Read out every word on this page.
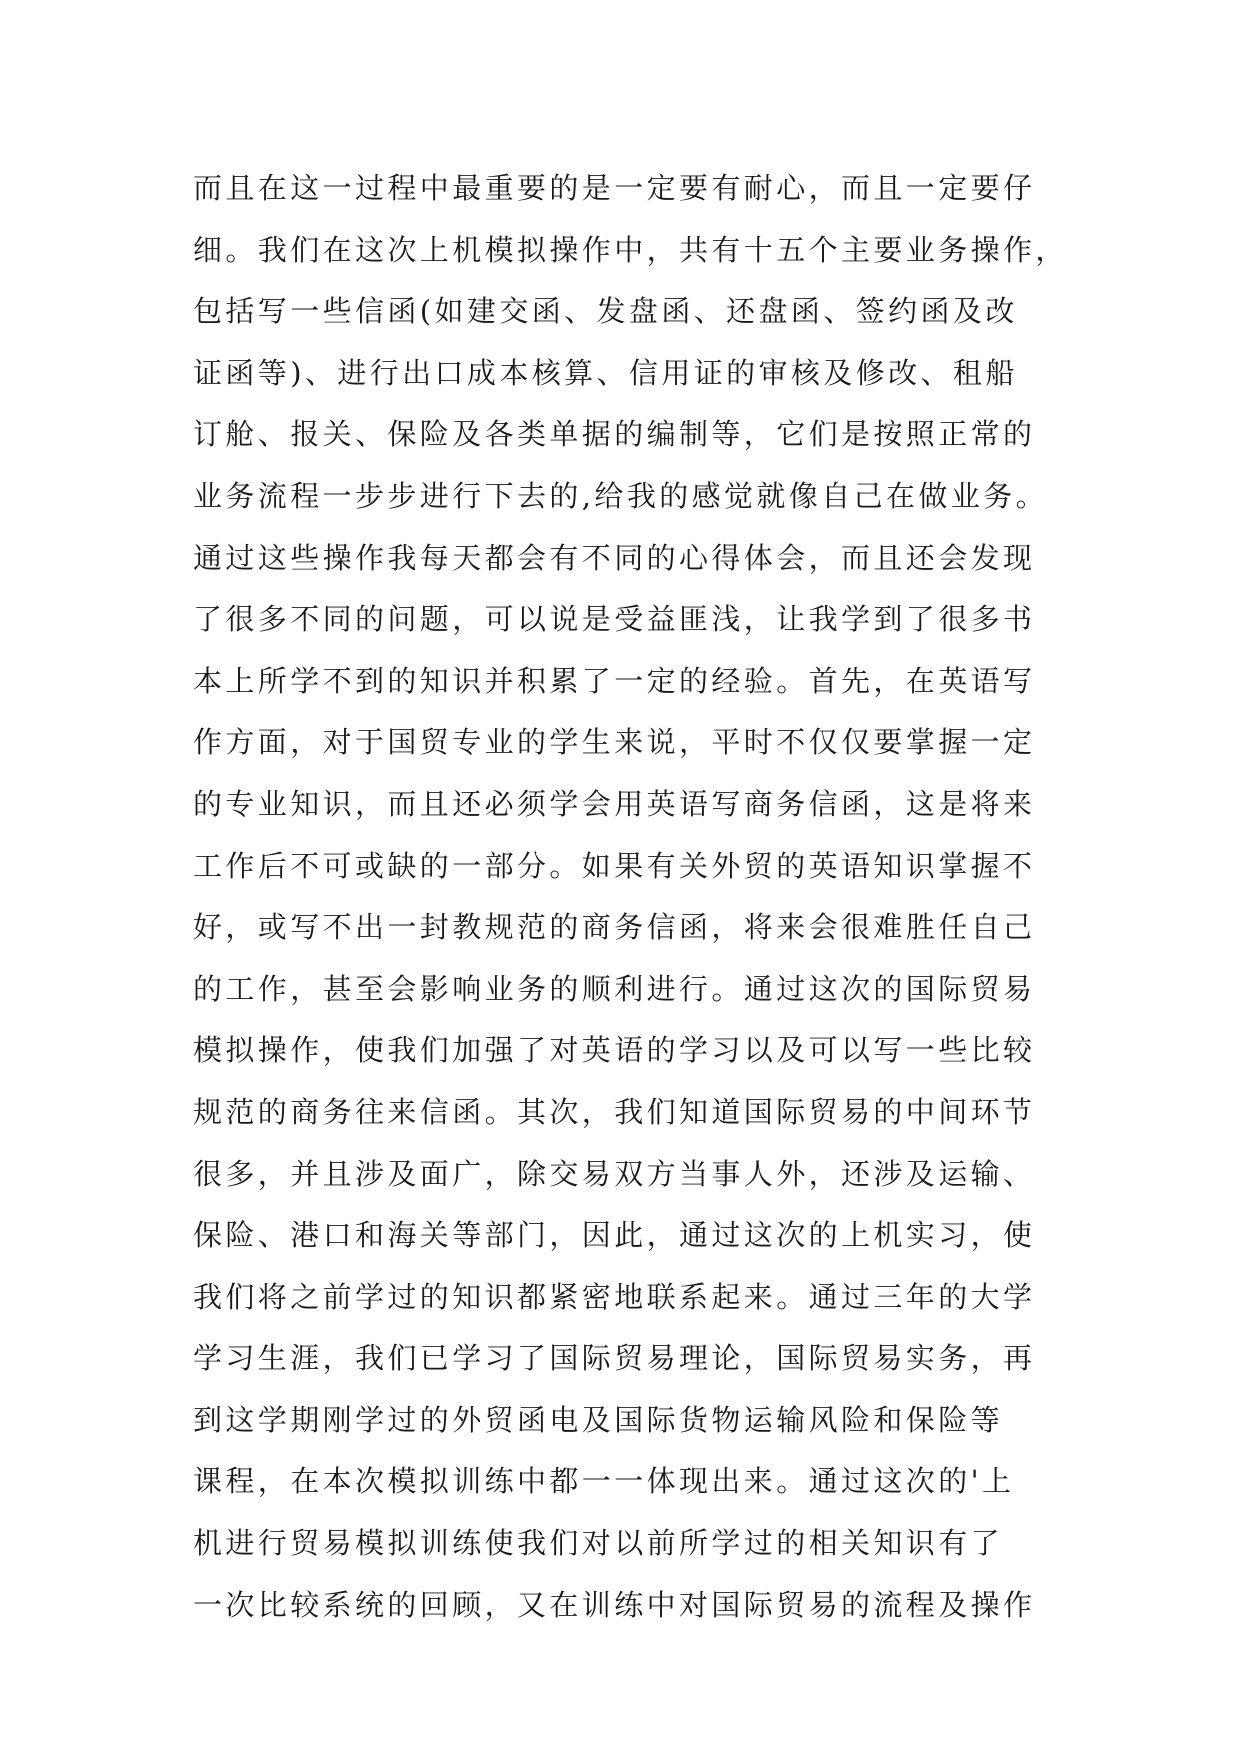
而且在这一过程中最重要的是一定要有耐心，而且一定要仔
细。我们在这次上机模拟操作中，共有十五个主要业务操作，
包括写一些信函(如建交函、发盘函、还盘函、签约函及改
证函等)、进行出口成本核算、信用证的审核及修改、租船
订舱、报关、保险及各类单据的编制等，它们是按照正常的
业务流程一步步进行下去的,给我的感觉就像自己在做业务。
通过这些操作我每天都会有不同的心得体会，而且还会发现
了很多不同的问题，可以说是受益匪浅，让我学到了很多书
本上所学不到的知识并积累了一定的经验。首先，在英语写
作方面，对于国贸专业的学生来说，平时不仅仅要掌握一定
的专业知识，而且还必须学会用英语写商务信函，这是将来
工作后不可或缺的一部分。如果有关外贸的英语知识掌握不
好，或写不出一封教规范的商务信函，将来会很难胜任自己
的工作，甚至会影响业务的顺利进行。通过这次的国际贸易
模拟操作，使我们加强了对英语的学习以及可以写一些比较
规范的商务往来信函。其次，我们知道国际贸易的中间环节
很多，并且涉及面广，除交易双方当事人外，还涉及运输、
保险、港口和海关等部门，因此，通过这次的上机实习，使
我们将之前学过的知识都紧密地联系起来。通过三年的大学
学习生涯，我们已学习了国际贸易理论，国际贸易实务，再
到这学期刚学过的外贸函电及国际货物运输风险和保险等
课程，在本次模拟训练中都一一体现出来。通过这次的'上
机进行贸易模拟训练使我们对以前所学过的相关知识有了
一次比较系统的回顾，又在训练中对国际贸易的流程及操作
